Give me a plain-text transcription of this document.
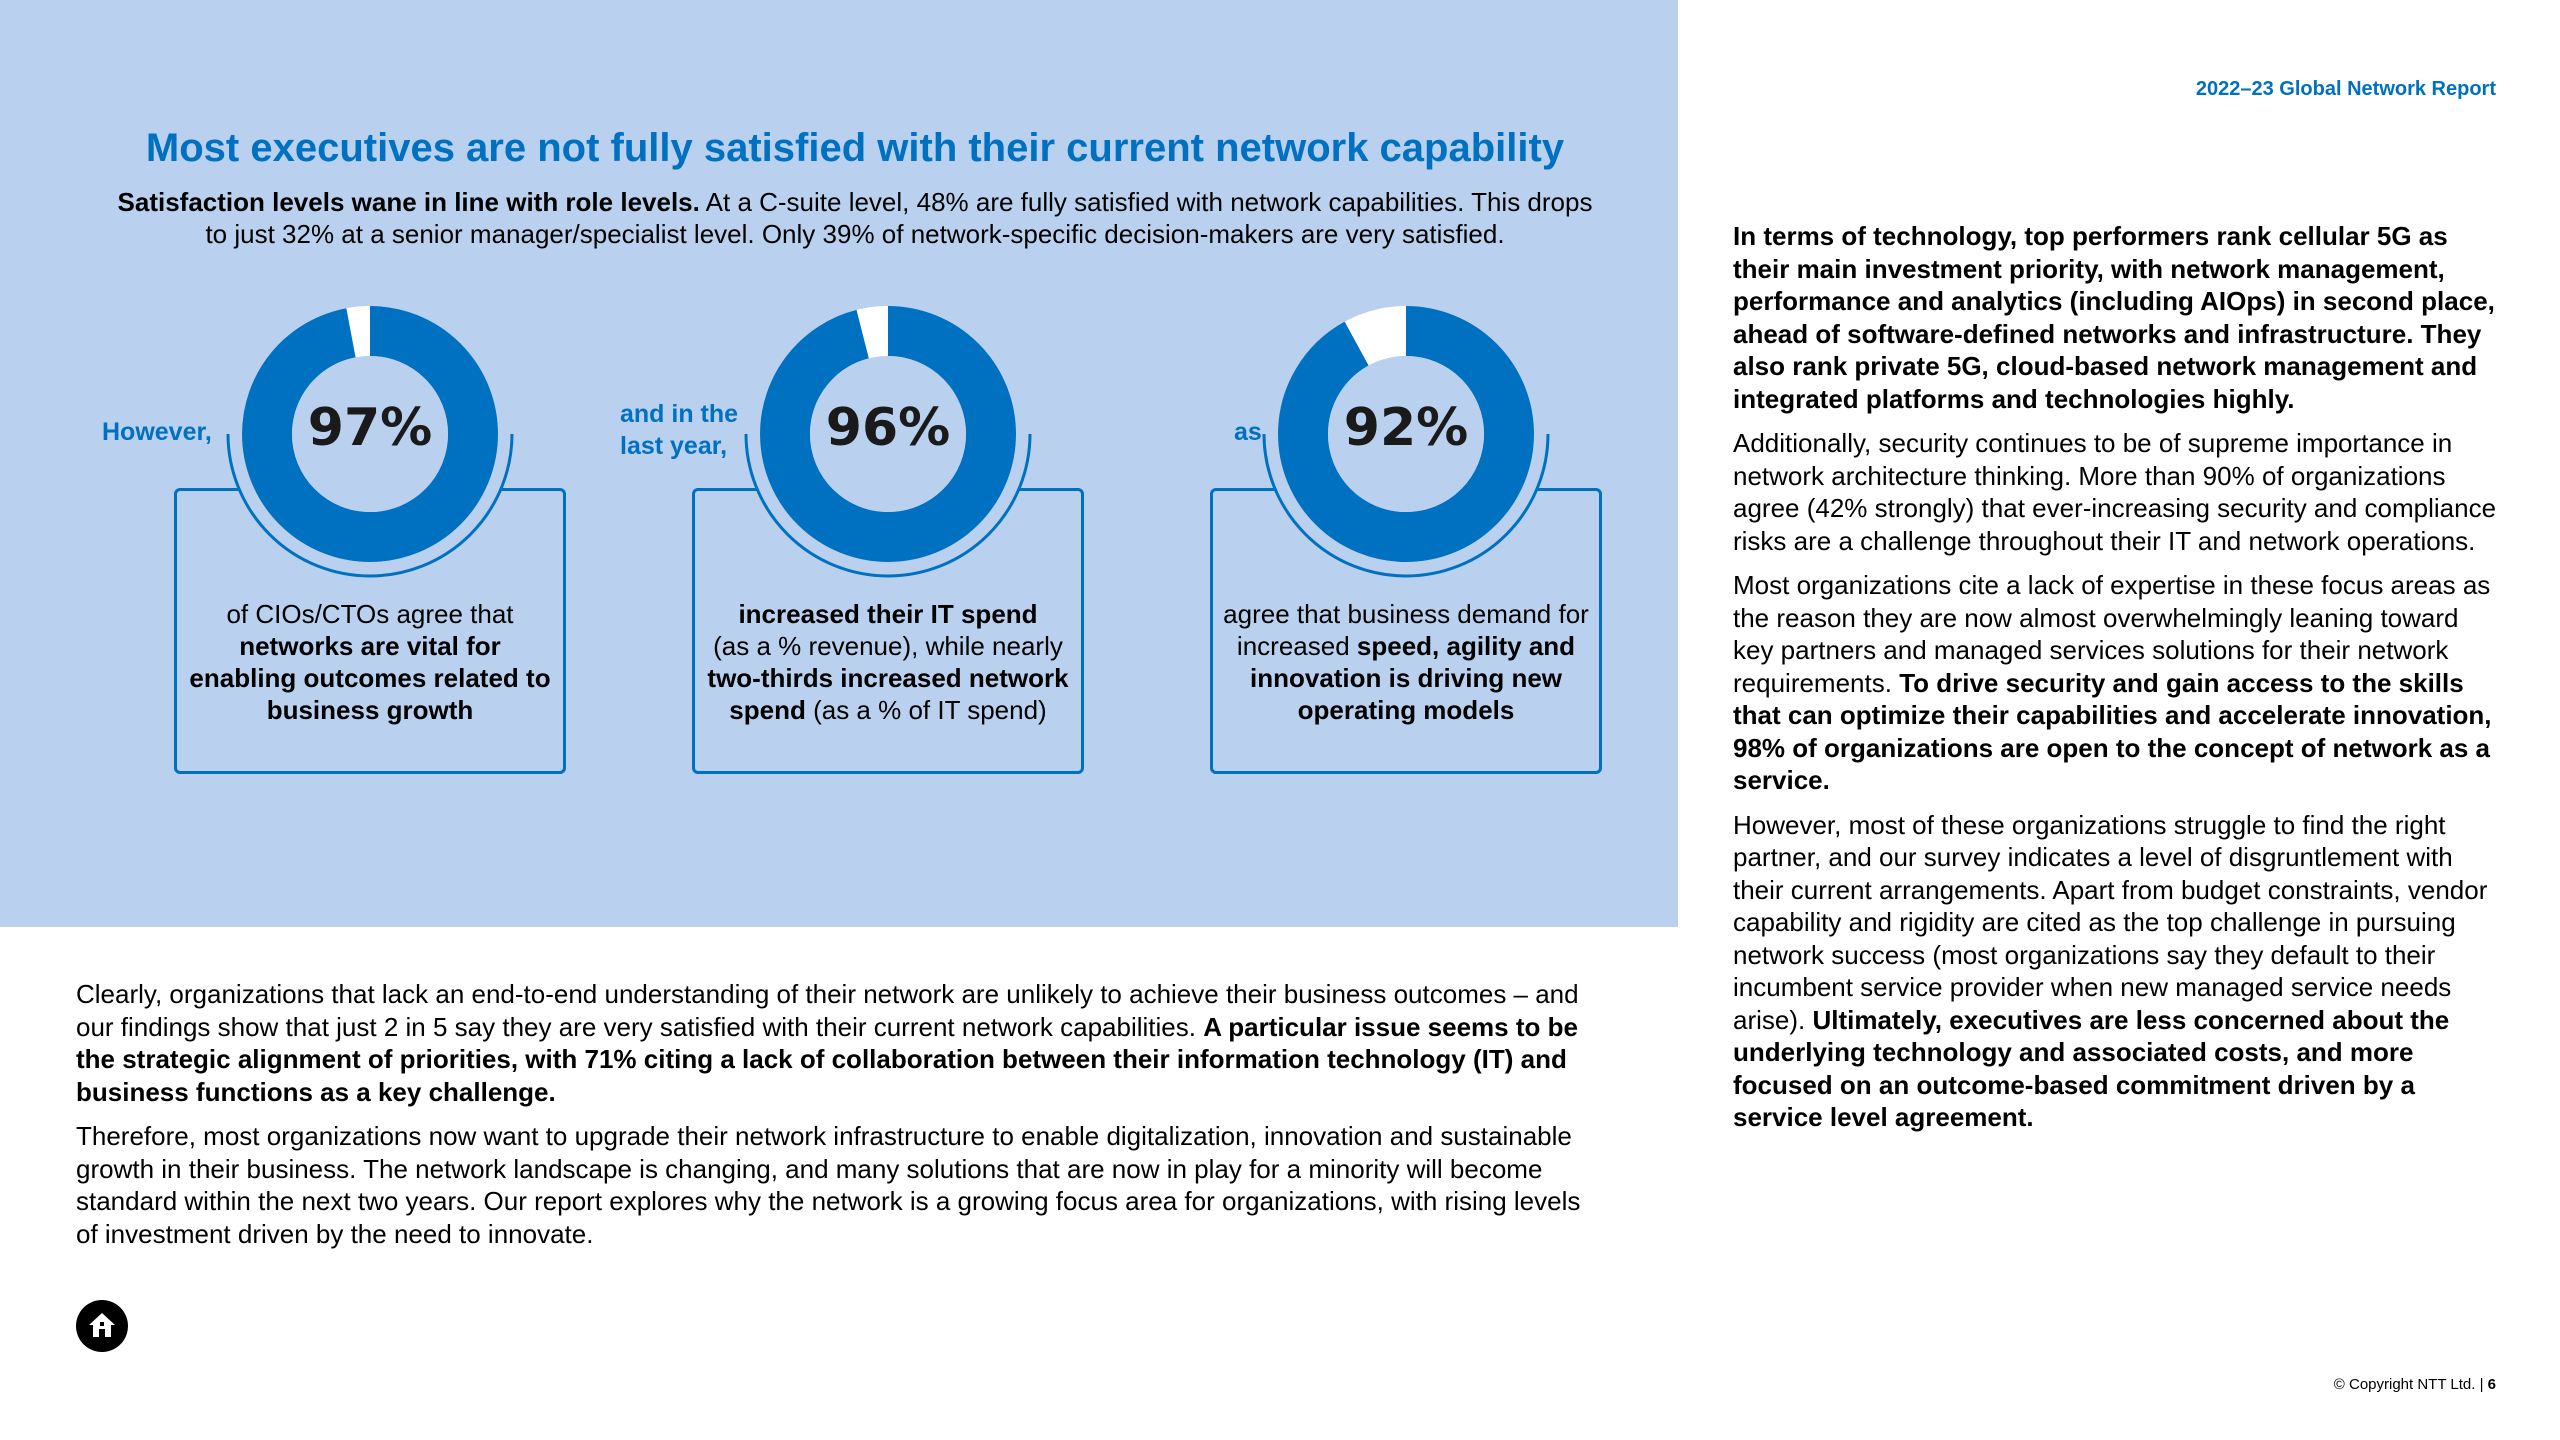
2022–23 Global Network Report
Most executives are not fully satisfied with their current network capability
Satisfaction levels wane in line with role levels. At a C-suite level, 48% are fully satisfied with network capabilities. This drops
to just 32% at a senior manager/specialist level. Only 39% of network-specific decision-makers are very satisfied.
However,	97%
of CIOs/CTOs agree that
networks are vital for enabling outcomes related to business growth
and in the
last year,	96%
increased their IT spend
(as a % revenue), while nearly
two-thirds increased network spend (as a % of IT spend)
as	92%
agree that business demand for increased speed, agility and innovation is driving new operating models

Clearly, organizations that lack an end-to-end understanding of their network are unlikely to achieve their business outcomes – and our findings show that just 2 in 5 say they are very satisfied with their current network capabilities. A particular issue seems to be the strategic alignment of priorities, with 71% citing a lack of collaboration between their information technology (IT) and business functions as a key challenge.

Therefore, most organizations now want to upgrade their network infrastructure to enable digitalization, innovation and sustainable growth in their business. The network landscape is changing, and many solutions that are now in play for a minority will become standard within the next two years. Our report explores why the network is a growing focus area for organizations, with rising levels of investment driven by the need to innovate.

In terms of technology, top performers rank cellular 5G as their main investment priority, with network management, performance and analytics (including AIOps) in second place, ahead of software-defined networks and infrastructure. They also rank private 5G, cloud-based network management and integrated platforms and technologies highly.

Additionally, security continues to be of supreme importance in network architecture thinking. More than 90% of organizations agree (42% strongly) that ever-increasing security and compliance risks are a challenge throughout their IT and network operations.

Most organizations cite a lack of expertise in these focus areas as the reason they are now almost overwhelmingly leaning toward key partners and managed services solutions for their network requirements. To drive security and gain access to the skills that can optimize their capabilities and accelerate innovation, 98% of organizations are open to the concept of network as a service.

However, most of these organizations struggle to find the right partner, and our survey indicates a level of disgruntlement with their current arrangements. Apart from budget constraints, vendor capability and rigidity are cited as the top challenge in pursuing network success (most organizations say they default to their incumbent service provider when new managed service needs arise). Ultimately, executives are less concerned about the underlying technology and associated costs, and more focused on an outcome-based commitment driven by a service level agreement.

© Copyright NTT Ltd. | 6
